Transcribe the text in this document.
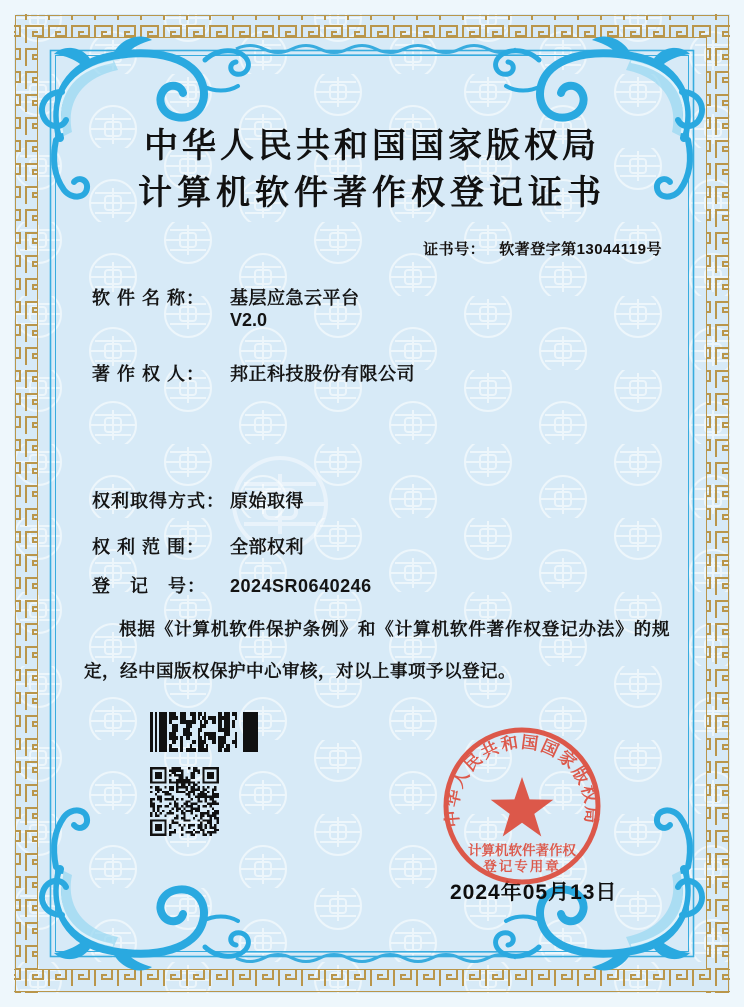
中华人民共和国国家版权局
计算机软件著作权登记证书
证书号： 软著登字第13044119号
软 件 名 称： 基层应急云平台
V2.0
著 作 权 人： 邦正科技股份有限公司
权利取得方式： 原始取得
权 利 范 围： 全部权利
登　记　号： 2024SR0640246
根据《计算机软件保护条例》和《计算机软件著作权登记办法》的规定，经中国版权保护中心审核，对以上事项予以登记。
2024年05月13日
中华人民共和国国家版权局
计算机软件著作权
登记专用章
